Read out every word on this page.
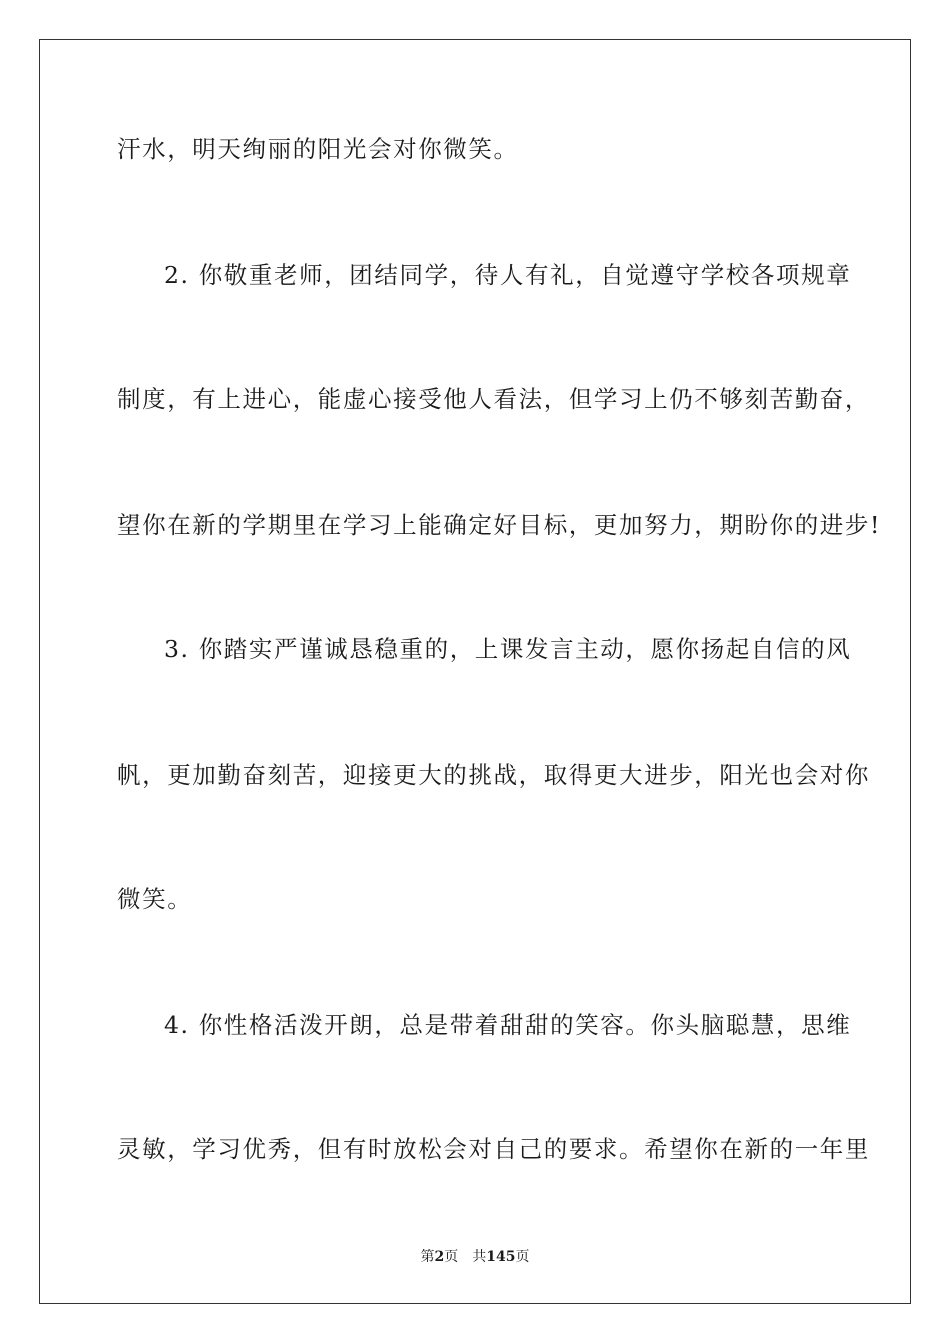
汗水，明天绚丽的阳光会对你微笑。
2. 你敬重老师，团结同学，待人有礼，自觉遵守学校各项规章
制度，有上进心，能虚心接受他人看法，但学习上仍不够刻苦勤奋，
望你在新的学期里在学习上能确定好目标，更加努力，期盼你的进步!
3. 你踏实严谨诚恳稳重的，上课发言主动，愿你扬起自信的风
帆，更加勤奋刻苦，迎接更大的挑战，取得更大进步，阳光也会对你
微笑。
4. 你性格活泼开朗，总是带着甜甜的笑容。你头脑聪慧，思维
灵敏，学习优秀，但有时放松会对自己的要求。希望你在新的一年里
第2页 共145页
